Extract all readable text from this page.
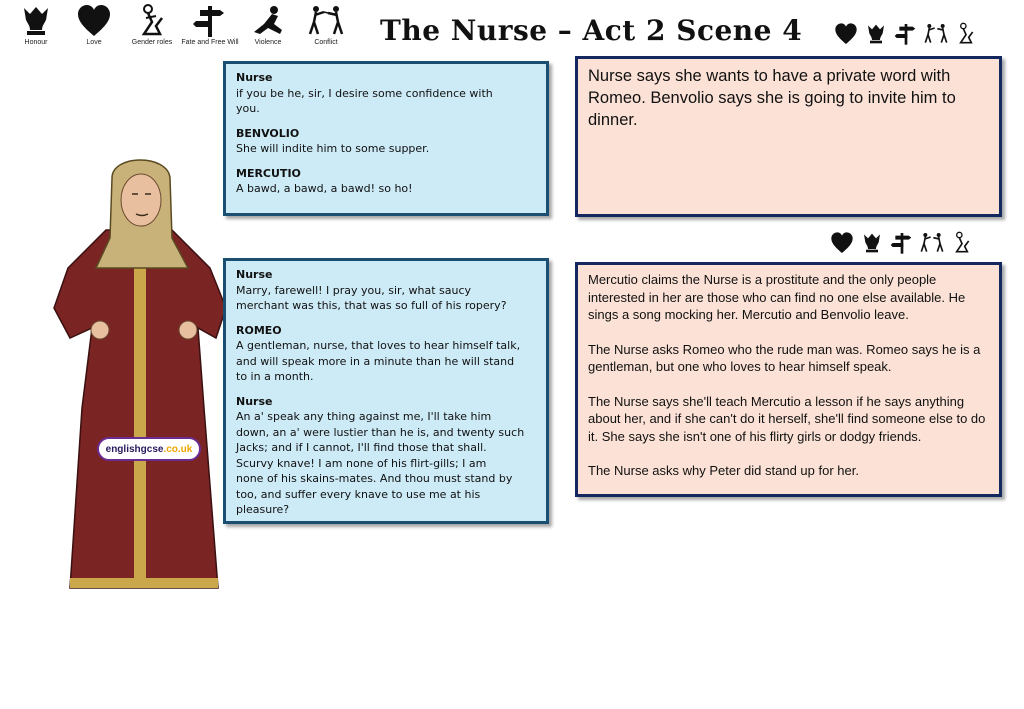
Honour	Love	Gender roles Fate and Free Will Violence	Conflict The Nurse – Act 2 Scene 4
englishgcse .co.uk
Nurse
if you be he, sir, I desire some confidence with
you.
BENVOLIO
She will indite him to some supper.
MERCUTIO
A bawd, a bawd, a bawd! so ho!
Nurse
Marry, farewell! I pray you, sir, what saucy
merchant was this, that was so full of his ropery?
ROMEO
A gentleman, nurse, that loves to hear himself talk,
and will speak more in a minute than he will stand
to in a month.
Nurse
An a' speak any thing against me, I'll take him
down, an a' were lustier than he is, and twenty such
Jacks; and if I cannot, I'll find those that shall.
Scurvy knave! I am none of his flirt-gills; I am
none of his skains-mates. And thou must stand by
too, and suffer every knave to use me at his pleasure?

Nurse says she wants to have a private word with Romeo. Benvolio says she is going to invite him to dinner.

Mercutio claims the Nurse is a prostitute and the only people interested in her are those who can find no one else available. He sings a song mocking her. Mercutio and Benvolio leave.

The Nurse asks Romeo who the rude man was. Romeo says he is a gentleman, but one who loves to hear himself speak.

The Nurse says she'll teach Mercutio a lesson if he says anything about her, and if she can't do it herself, she'll find someone else to do it. She says she isn't one of his flirty girls or dodgy friends.

The Nurse asks why Peter did stand up for her.
